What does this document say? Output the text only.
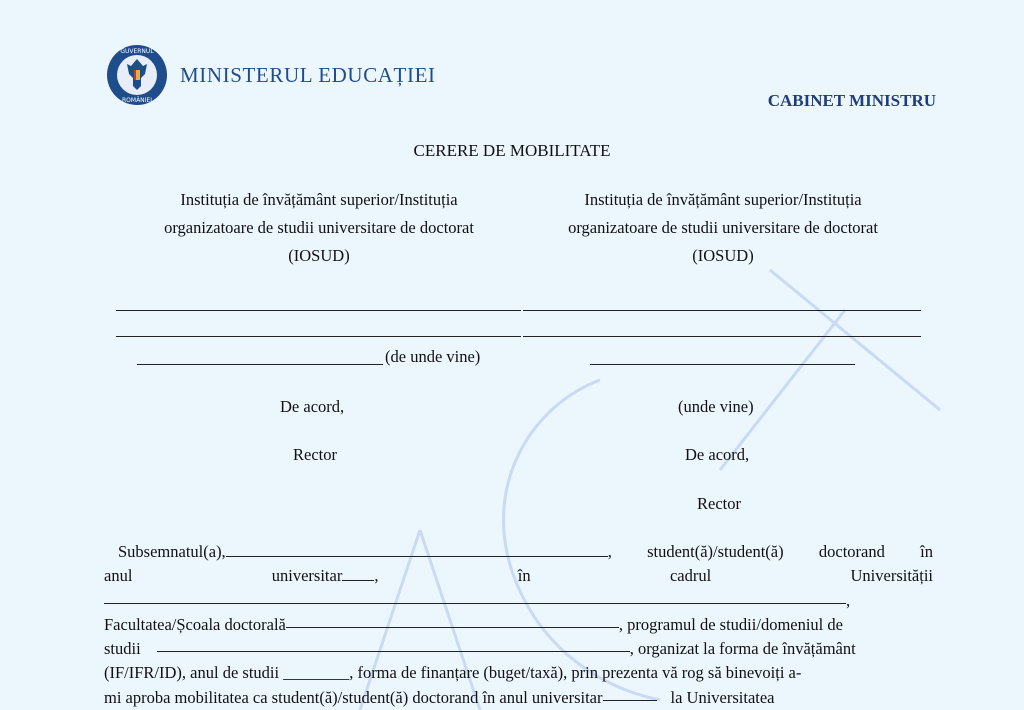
GUVERNUL
ROMÂNIEI
MINISTERUL EDUCAȚIEI
CABINET MINISTRU
CERERE DE MOBILITATE
Instituția de învățământ superior/Instituția
organizatoare de studii universitare de doctorat
(IOSUD)
Instituția de învățământ superior/Instituția
organizatoare de studii universitare de doctorat
(IOSUD)
(de unde vine)
De acord,	(unde vine)
Rector	De acord,
Rector
Subsemnatul(a),	, student(ă)/student(ă) doctorand în
anul	universitar ,	în	cadrul	Universității
,
Facultatea/Școala doctorală	, programul de studii/domeniul de
studii	, organizat la forma de învățământ
(IF/IFR/ID), anul de studii ________, forma de finanțare (buget/taxă), prin prezenta vă rog să binevoiți a-
mi aproba mobilitatea ca student(ă)/student(ă) doctorand în anul universitar	la Universitatea
